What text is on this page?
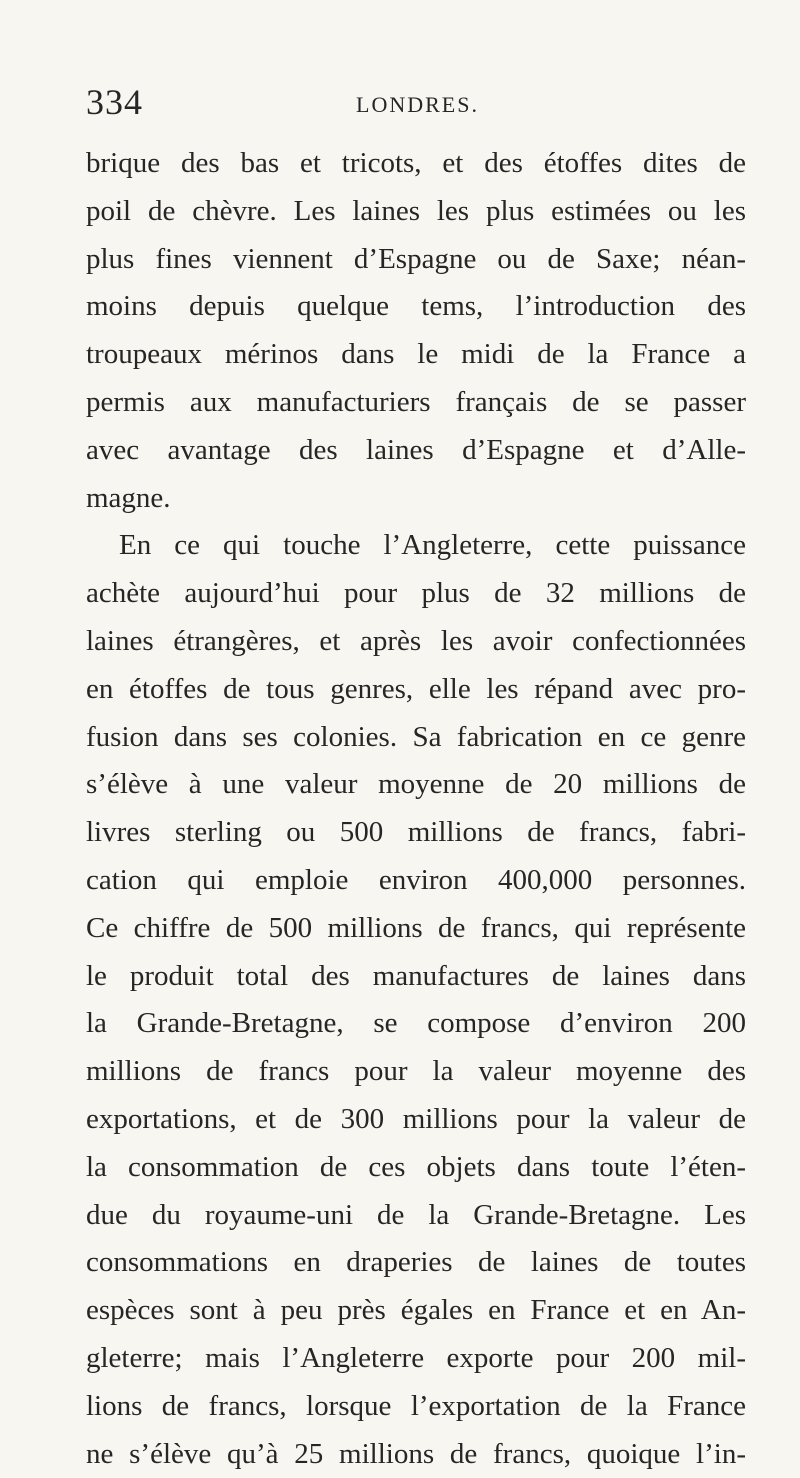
334	LONDRES.
brique des bas et tricots, et des étoffes dites de
poil de chèvre. Les laines les plus estimées ou les
plus fines viennent d’Espagne ou de Saxe; néan-
moins depuis quelque tems, l’introduction des
troupeaux mérinos dans le midi de la France a
permis aux manufacturiers français de se passer
avec avantage des laines d’Espagne et d’Alle-
magne.
En ce qui touche l’Angleterre, cette puissance
achète aujourd’hui pour plus de 32 millions de
laines étrangères, et après les avoir confectionnées
en étoffes de tous genres, elle les répand avec pro-
fusion dans ses colonies. Sa fabrication en ce genre
s’élève à une valeur moyenne de 20 millions de
livres sterling ou 500 millions de francs, fabri-
cation qui emploie environ 400,000 personnes.
Ce chiffre de 500 millions de francs, qui représente
le produit total des manufactures de laines dans
la Grande-Bretagne, se compose d’environ 200
millions de francs pour la valeur moyenne des
exportations, et de 300 millions pour la valeur de
la consommation de ces objets dans toute l’éten-
due du royaume-uni de la Grande-Bretagne. Les
consommations en draperies de laines de toutes
espèces sont à peu près égales en France et en An-
gleterre; mais l’Angleterre exporte pour 200 mil-
lions de francs, lorsque l’exportation de la France
ne s’élève qu’à 25 millions de francs, quoique l’in-
